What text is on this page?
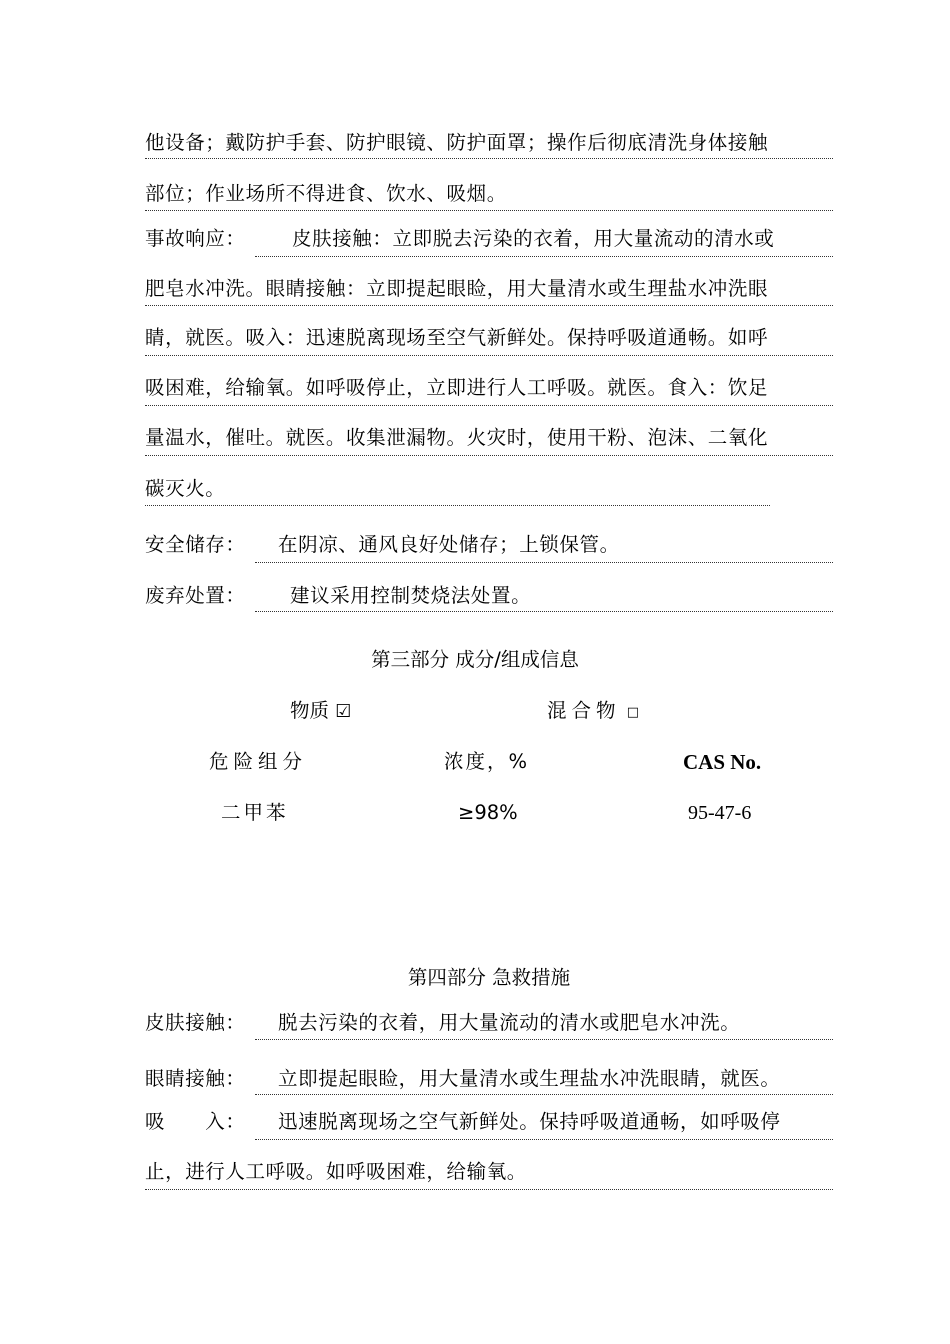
他设备；戴防护手套、防护眼镜、防护面罩；操作后彻底清洗身体接触
部位；作业场所不得进食、饮水、吸烟。
事故响应： 皮肤接触：立即脱去污染的衣着，用大量流动的清水或
肥皂水冲洗。眼睛接触：立即提起眼睑，用大量清水或生理盐水冲洗眼
睛，就医。吸入：迅速脱离现场至空气新鲜处。保持呼吸道通畅。如呼
吸困难，给输氧。如呼吸停止，立即进行人工呼吸。就医。食入：饮足
量温水，催吐。就医。收集泄漏物。火灾时，使用干粉、泡沫、二氧化
碳灭火。
安全储存： 在阴凉、通风良好处储存；上锁保管。
废弃处置： 建议采用控制焚烧法处置。
第三部分 成分/组成信息
物质 ☑	混合物 □
危险组分	浓度，%	CAS No.
二甲苯	≥98%	95-47-6
第四部分 急救措施
皮肤接触： 脱去污染的衣着，用大量流动的清水或肥皂水冲洗。
眼睛接触： 立即提起眼睑，用大量清水或生理盐水冲洗眼睛，就医。
吸　　入： 迅速脱离现场之空气新鲜处。保持呼吸道通畅，如呼吸停
止，进行人工呼吸。如呼吸困难，给输氧。
